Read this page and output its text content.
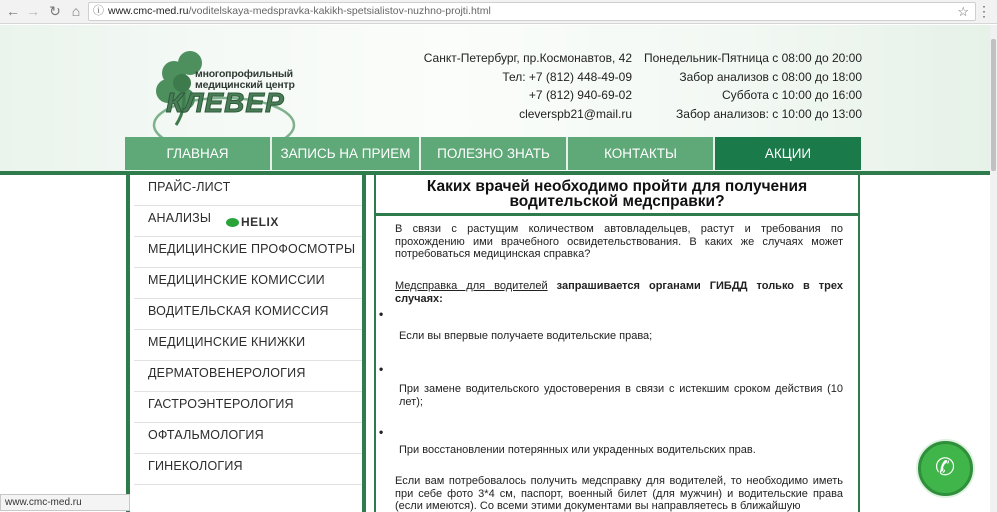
← → ↻ ⌂	ⓘ www.cmc-med.ru/voditelskaya-medspravka-kakikh-spetsialistov-nuzhno-projti.html	☆ ⋮
многопрофильный
медицинский центр
КЛЕВЕР
Санкт-Петербург, пр.Космонавтов, 42
Тел: +7 (812) 448-49-09
+7 (812) 940-69-02
cleverspb21@mail.ru
Понедельник-Пятница с 08:00 до 20:00
Забор анализов с 08:00 до 18:00
Суббота с 10:00 до 16:00
Забор анализов: с 10:00 до 13:00
ГЛАВНАЯ	ЗАПИСЬ НА ПРИЕМ	ПОЛЕЗНО ЗНАТЬ	КОНТАКТЫ	АКЦИИ
ПРАЙС-ЛИСТ
АНАЛИЗЫ	HELIX
МЕДИЦИНСКИЕ ПРОФОСМОТРЫ
МЕДИЦИНСКИЕ КОМИССИИ
ВОДИТЕЛЬСКАЯ КОМИССИЯ
МЕДИЦИНСКИЕ КНИЖКИ
ДЕРМАТОВЕНЕРОЛОГИЯ
ГАСТРОЭНТЕРОЛОГИЯ
ОФТАЛЬМОЛОГИЯ
ГИНЕКОЛОГИЯ
Каких врачей необходимо пройти для получения водительской медсправки?
В связи с растущим количеством автовладельцев, растут и требования по прохождению ими врачебного освидетельствования. В каких же случаях может потребоваться медицинская справка?
Медсправка для водителей запрашивается органами ГИБДД только в трех случаях:
•
Если вы впервые получаете водительские права;
•
При замене водительского удостоверения в связи с истекшим сроком действия (10 лет);
•
При восстановлении потерянных или украденных водительских прав.
Если вам потребовалось получить медсправку для водителей, то необходимо иметь при себе фото 3*4 см, паспорт, военный билет (для мужчин) и водительские права (если имеются). Со всеми этими документами вы направляетесь в ближайшую
✆
www.cmc-med.ru
